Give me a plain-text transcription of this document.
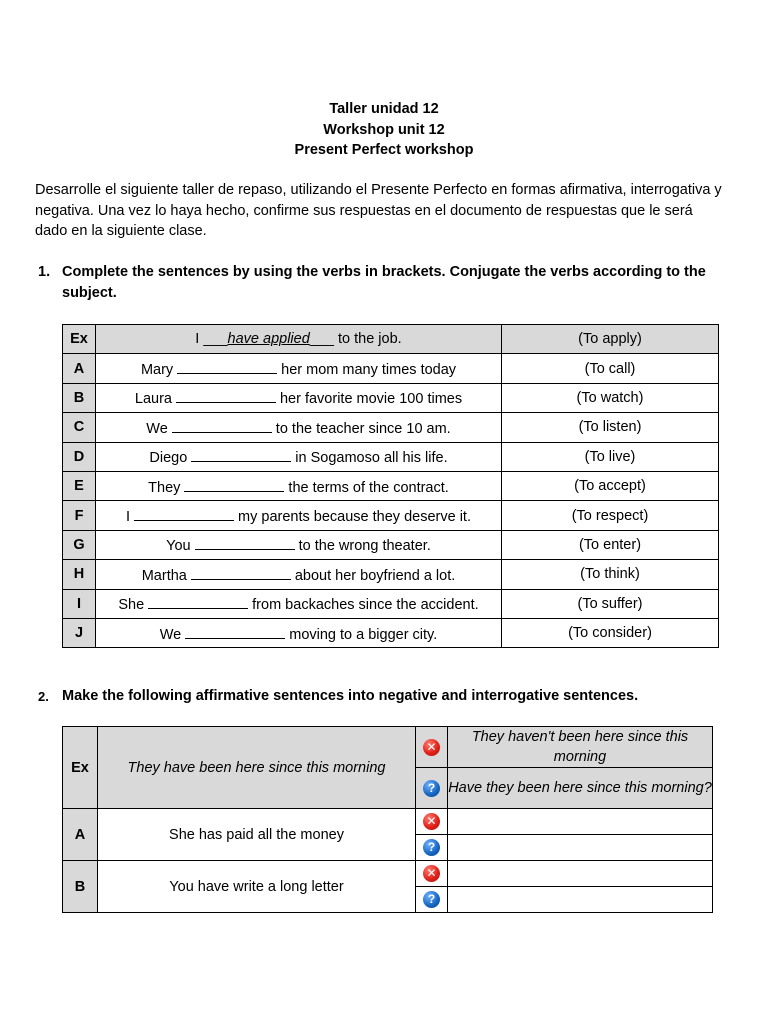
Taller unidad 12
Workshop unit 12
Present Perfect workshop
Desarrolle el siguiente taller de repaso, utilizando el Presente Perfecto en formas afirmativa, interrogativa y negativa. Una vez lo haya hecho, confirme sus respuestas en el documento de respuestas que le será dado en la siguiente clase.
1. Complete the sentences by using the verbs in brackets. Conjugate the verbs according to the subject.
Ex	I ___have applied___ to the job.	(To apply)
A	Mary her mom many times today	(To call)
B	Laura her favorite movie 100 times	(To watch)
C	We to the teacher since 10 am.	(To listen)
D	Diego in Sogamoso all his life.	(To live)
E	They the terms of the contract.	(To accept)
F	I my parents because they deserve it.	(To respect)
G	You to the wrong theater.	(To enter)
H	Martha about her boyfriend a lot.	(To think)
I	She from backaches since the accident.	(To suffer)
J	We moving to a bigger city.	(To consider)
2. Make the following affirmative sentences into negative and interrogative sentences.
Ex	They have been here since this morning	✕	They haven't been here since this morning
		?	Have they been here since this morning?
A	She has paid all the money	✕	
		?	
B	You have write a long letter	✕	
		?	
